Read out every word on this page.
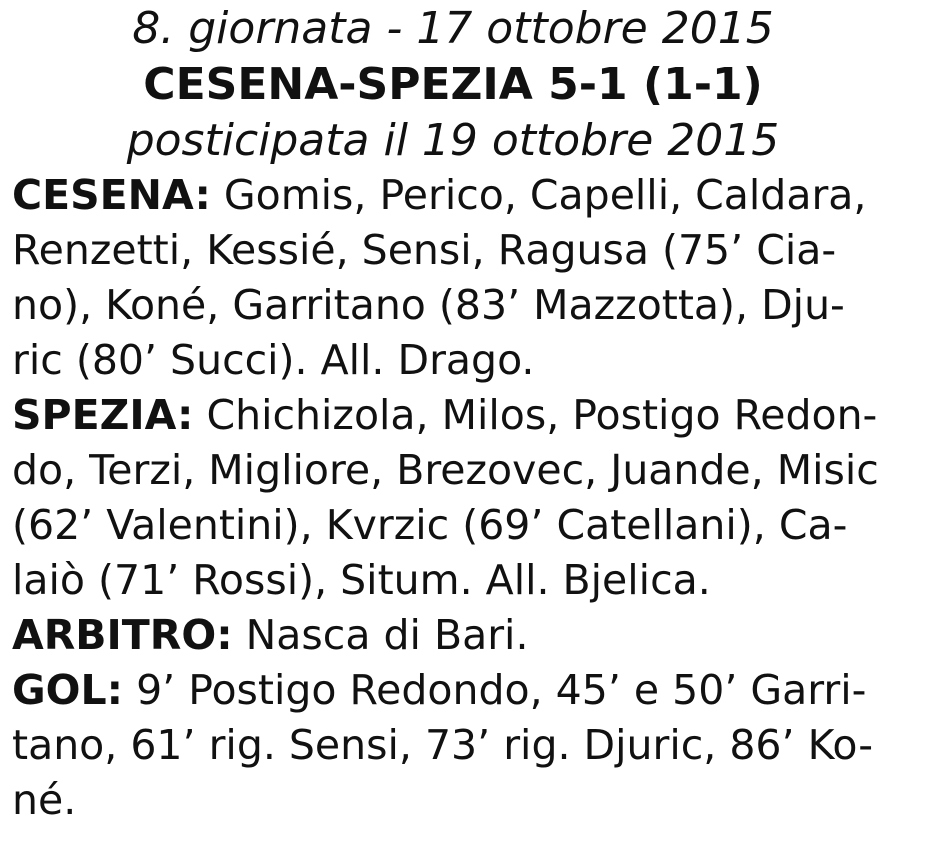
8. giornata - 17 ottobre 2015
CESENA-SPEZIA 5-1 (1-1)
posticipata il 19 ottobre 2015
CESENA: Gomis, Perico, Capelli, Caldara,
Renzetti, Kessié, Sensi, Ragusa (75’ Cia-
no), Koné, Garritano (83’ Mazzotta), Dju-
ric (80’ Succi). All. Drago.
SPEZIA: Chichizola, Milos, Postigo Redon-
do, Terzi, Migliore, Brezovec, Juande, Misic
(62’ Valentini), Kvrzic (69’ Catellani), Ca-
laiò (71’ Rossi), Situm. All. Bjelica.
ARBITRO: Nasca di Bari.
GOL: 9’ Postigo Redondo, 45’ e 50’ Garri-
tano, 61’ rig. Sensi, 73’ rig. Djuric, 86’ Ko-
né.
